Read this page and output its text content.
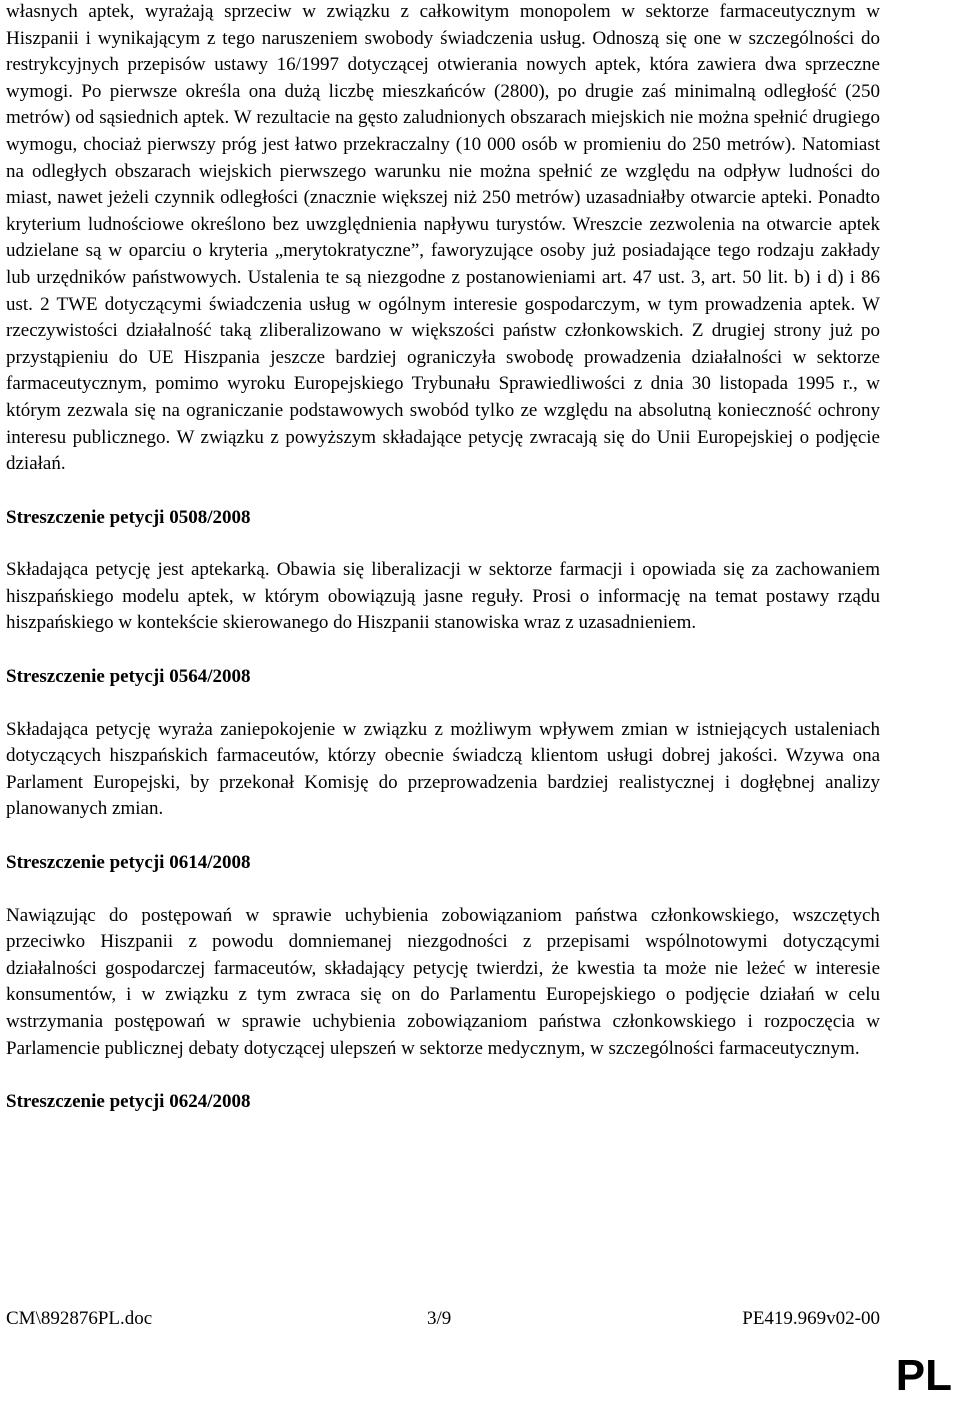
własnych aptek, wyrażają sprzeciw w związku z całkowitym monopolem w sektorze farmaceutycznym w Hiszpanii i wynikającym z tego naruszeniem swobody świadczenia usług. Odnoszą się one w szczególności do restrykcyjnych przepisów ustawy 16/1997 dotyczącej otwierania nowych aptek, która zawiera dwa sprzeczne wymogi. Po pierwsze określa ona dużą liczbę mieszkańców (2800), po drugie zaś minimalną odległość (250 metrów) od sąsiednich aptek. W rezultacie na gęsto zaludnionych obszarach miejskich nie można spełnić drugiego wymogu, chociaż pierwszy próg jest łatwo przekraczalny (10 000 osób w promieniu do 250 metrów). Natomiast na odległych obszarach wiejskich pierwszego warunku nie można spełnić ze względu na odpływ ludności do miast, nawet jeżeli czynnik odległości (znacznie większej niż 250 metrów) uzasadniałby otwarcie apteki. Ponadto kryterium ludnościowe określono bez uwzględnienia napływu turystów. Wreszcie zezwolenia na otwarcie aptek udzielane są w oparciu o kryteria „merytokratyczne”, faworyzujące osoby już posiadające tego rodzaju zakłady lub urzędników państwowych. Ustalenia te są niezgodne z postanowieniami art. 47 ust. 3, art. 50 lit. b) i d) i 86 ust. 2 TWE dotyczącymi świadczenia usług w ogólnym interesie gospodarczym, w tym prowadzenia aptek. W rzeczywistości działalność taką zliberalizowano w większości państw członkowskich. Z drugiej strony już po przystąpieniu do UE Hiszpania jeszcze bardziej ograniczyła swobodę prowadzenia działalności w sektorze farmaceutycznym, pomimo wyroku Europejskiego Trybunału Sprawiedliwości z dnia 30 listopada 1995 r., w którym zezwala się na ograniczanie podstawowych swobód tylko ze względu na absolutną konieczność ochrony interesu publicznego. W związku z powyższym składające petycję zwracają się do Unii Europejskiej o podjęcie działań.

Streszczenie petycji 0508/2008

Składająca petycję jest aptekarką. Obawia się liberalizacji w sektorze farmacji i opowiada się za zachowaniem hiszpańskiego modelu aptek, w którym obowiązują jasne reguły. Prosi o informację na temat postawy rządu hiszpańskiego w kontekście skierowanego do Hiszpanii stanowiska wraz z uzasadnieniem.

Streszczenie petycji 0564/2008

Składająca petycję wyraża zaniepokojenie w związku z możliwym wpływem zmian w istniejących ustaleniach dotyczących hiszpańskich farmaceutów, którzy obecnie świadczą klientom usługi dobrej jakości. Wzywa ona Parlament Europejski, by przekonał Komisję do przeprowadzenia bardziej realistycznej i dogłębnej analizy planowanych zmian.

Streszczenie petycji 0614/2008

Nawiązując do postępowań w sprawie uchybienia zobowiązaniom państwa członkowskiego, wszczętych przeciwko Hiszpanii z powodu domniemanej niezgodności z przepisami wspólnotowymi dotyczącymi działalności gospodarczej farmaceutów, składający petycję twierdzi, że kwestia ta może nie leżeć w interesie konsumentów, i w związku z tym zwraca się on do Parlamentu Europejskiego o podjęcie działań w celu wstrzymania postępowań w sprawie uchybienia zobowiązaniom państwa członkowskiego i rozpoczęcia w Parlamencie publicznej debaty dotyczącej ulepszeń w sektorze medycznym, w szczególności farmaceutycznym.

Streszczenie petycji 0624/2008
CM\892876PL.doc	3/9	PE419.969v02-00
PL
